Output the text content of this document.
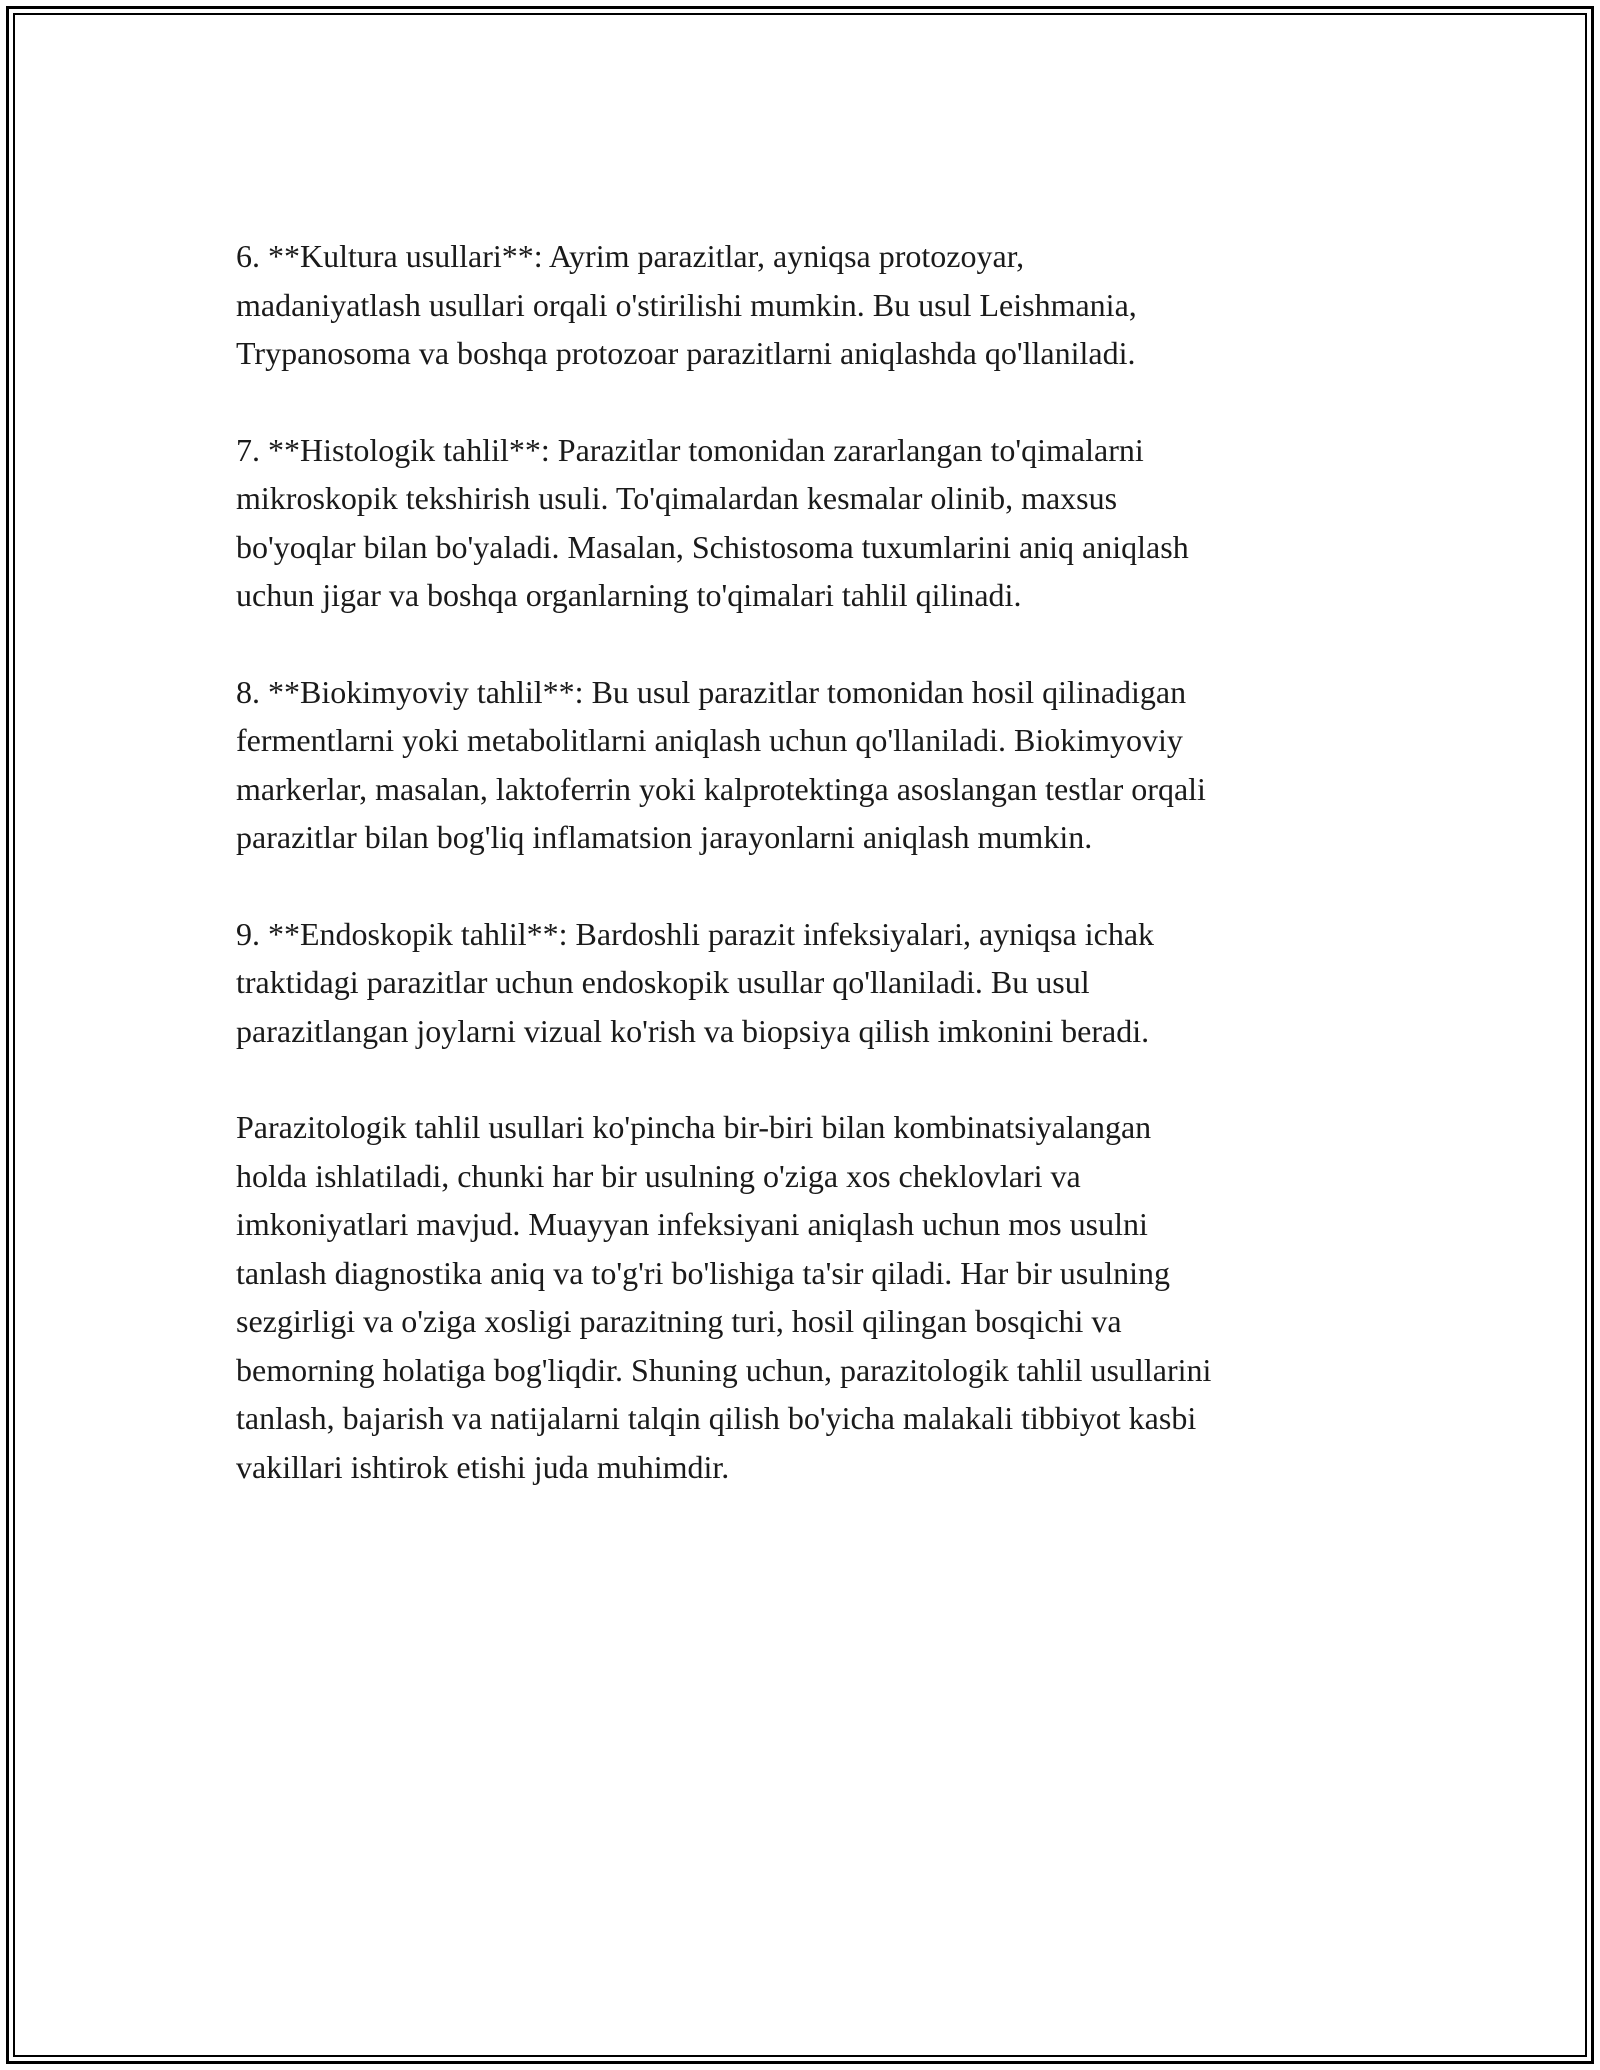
6. **Kultura usullari**: Ayrim parazitlar, ayniqsa protozoyar,
madaniyatlash usullari orqali o'stirilishi mumkin. Bu usul Leishmania,
Trypanosoma va boshqa protozoar parazitlarni aniqlashda qo'llaniladi.
7. **Histologik tahlil**: Parazitlar tomonidan zararlangan to'qimalarni
mikroskopik tekshirish usuli. To'qimalardan kesmalar olinib, maxsus
bo'yoqlar bilan bo'yaladi. Masalan, Schistosoma tuxumlarini aniq aniqlash
uchun jigar va boshqa organlarning to'qimalari tahlil qilinadi.
8. **Biokimyoviy tahlil**: Bu usul parazitlar tomonidan hosil qilinadigan
fermentlarni yoki metabolitlarni aniqlash uchun qo'llaniladi. Biokimyoviy
markerlar, masalan, laktoferrin yoki kalprotektinga asoslangan testlar orqali
parazitlar bilan bog'liq inflamatsion jarayonlarni aniqlash mumkin.
9. **Endoskopik tahlil**: Bardoshli parazit infeksiyalari, ayniqsa ichak
traktidagi parazitlar uchun endoskopik usullar qo'llaniladi. Bu usul
parazitlangan joylarni vizual ko'rish va biopsiya qilish imkonini beradi.
Parazitologik tahlil usullari ko'pincha bir-biri bilan kombinatsiyalangan
holda ishlatiladi, chunki har bir usulning o'ziga xos cheklovlari va
imkoniyatlari mavjud. Muayyan infeksiyani aniqlash uchun mos usulni
tanlash diagnostika aniq va to'g'ri bo'lishiga ta'sir qiladi. Har bir usulning
sezgirligi va o'ziga xosligi parazitning turi, hosil qilingan bosqichi va
bemorning holatiga bog'liqdir. Shuning uchun, parazitologik tahlil usullarini
tanlash, bajarish va natijalarni talqin qilish bo'yicha malakali tibbiyot kasbi
vakillari ishtirok etishi juda muhimdir.
